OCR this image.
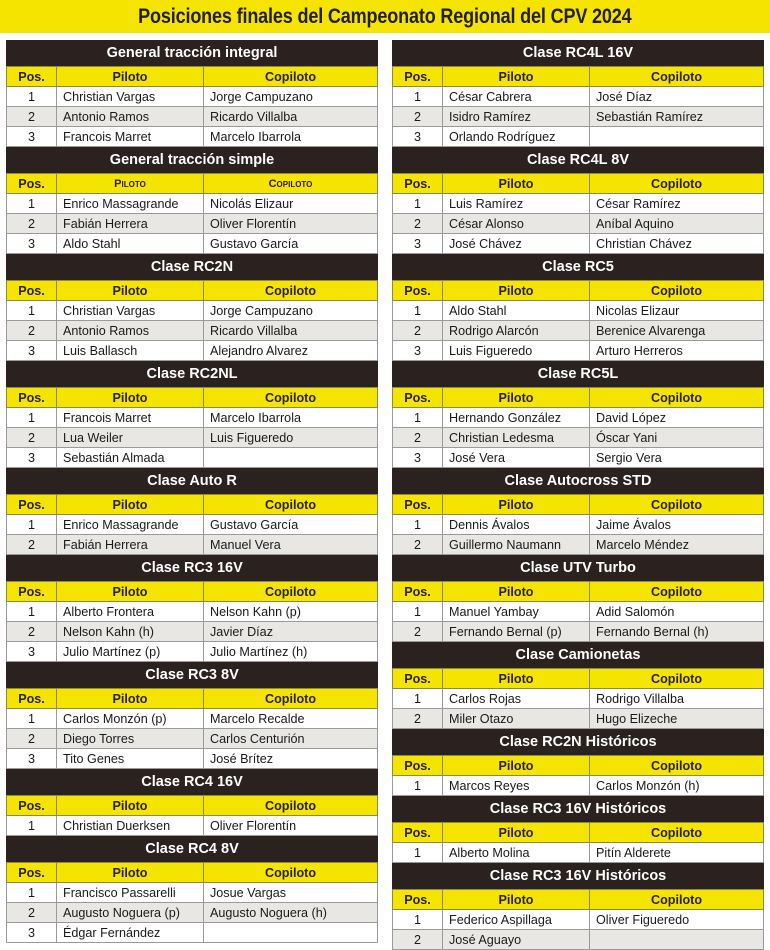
Posiciones finales del Campeonato Regional del CPV 2024
General tracción integral
Pos.	Piloto	Copiloto
1	Christian Vargas	Jorge Campuzano
2	Antonio Ramos	Ricardo Villalba
3	Francois Marret	Marcelo Ibarrola
General tracción simple
Pos.	Piloto	Copiloto
1	Enrico Massagrande	Nicolás Elizaur
2	Fabián Herrera	Oliver Florentín
3	Aldo Stahl	Gustavo García
Clase RC2N
Pos.	Piloto	Copiloto
1	Christian Vargas	Jorge Campuzano
2	Antonio Ramos	Ricardo Villalba
3	Luis Ballasch	Alejandro Alvarez
Clase RC2NL
Pos.	Piloto	Copiloto
1	Francois Marret	Marcelo Ibarrola
2	Lua Weiler	Luis Figueredo
3	Sebastián Almada	
Clase Auto R
Pos.	Piloto	Copiloto
1	Enrico Massagrande	Gustavo García
2	Fabián Herrera	Manuel Vera
Clase RC3 16V
Pos.	Piloto	Copiloto
1	Alberto Frontera	Nelson Kahn (p)
2	Nelson Kahn (h)	Javier Díaz
3	Julio Martínez (p)	Julio Martínez (h)
Clase RC3 8V
Pos.	Piloto	Copiloto
1	Carlos Monzón (p)	Marcelo Recalde
2	Diego Torres	Carlos Centurión
3	Tito Genes	José Brítez
Clase RC4 16V
Pos.	Piloto	Copiloto
1	Christian Duerksen	Oliver Florentín
Clase RC4 8V
Pos.	Piloto	Copiloto
1	Francisco Passarelli	Josue Vargas
2	Augusto Noguera (p)	Augusto Noguera (h)
3	Édgar Fernández	
Clase RC4L 16V
Pos.	Piloto	Copiloto
1	César Cabrera	José Díaz
2	Isidro Ramírez	Sebastián Ramírez
3	Orlando Rodríguez	
Clase RC4L 8V
Pos.	Piloto	Copiloto
1	Luis Ramírez	César Ramírez
2	César Alonso	Aníbal Aquino
3	José Chávez	Christian Chávez
Clase RC5
Pos.	Piloto	Copiloto
1	Aldo Stahl	Nicolas Elizaur
2	Rodrigo Alarcón	Berenice Alvarenga
3	Luis Figueredo	Arturo Herreros
Clase RC5L
Pos.	Piloto	Copiloto
1	Hernando González	David López
2	Christian Ledesma	Óscar Yani
3	José Vera	Sergio Vera
Clase Autocross STD
Pos.	Piloto	Copiloto
1	Dennis Ávalos	Jaime Ávalos
2	Guillermo Naumann	Marcelo Méndez
Clase UTV Turbo
Pos.	Piloto	Copiloto
1	Manuel Yambay	Adid Salomón
2	Fernando Bernal (p)	Fernando Bernal (h)
Clase Camionetas
Pos.	Piloto	Copiloto
1	Carlos Rojas	Rodrigo Villalba
2	Miler Otazo	Hugo Elizeche
Clase RC2N Históricos
Pos.	Piloto	Copiloto
1	Marcos Reyes	Carlos Monzón (h)
Clase RC3 16V Históricos
Pos.	Piloto	Copiloto
1	Alberto Molina	Pitín Alderete
Clase RC3 16V Históricos
Pos.	Piloto	Copiloto
1	Federico Aspillaga	Oliver Figueredo
2	José Aguayo	
